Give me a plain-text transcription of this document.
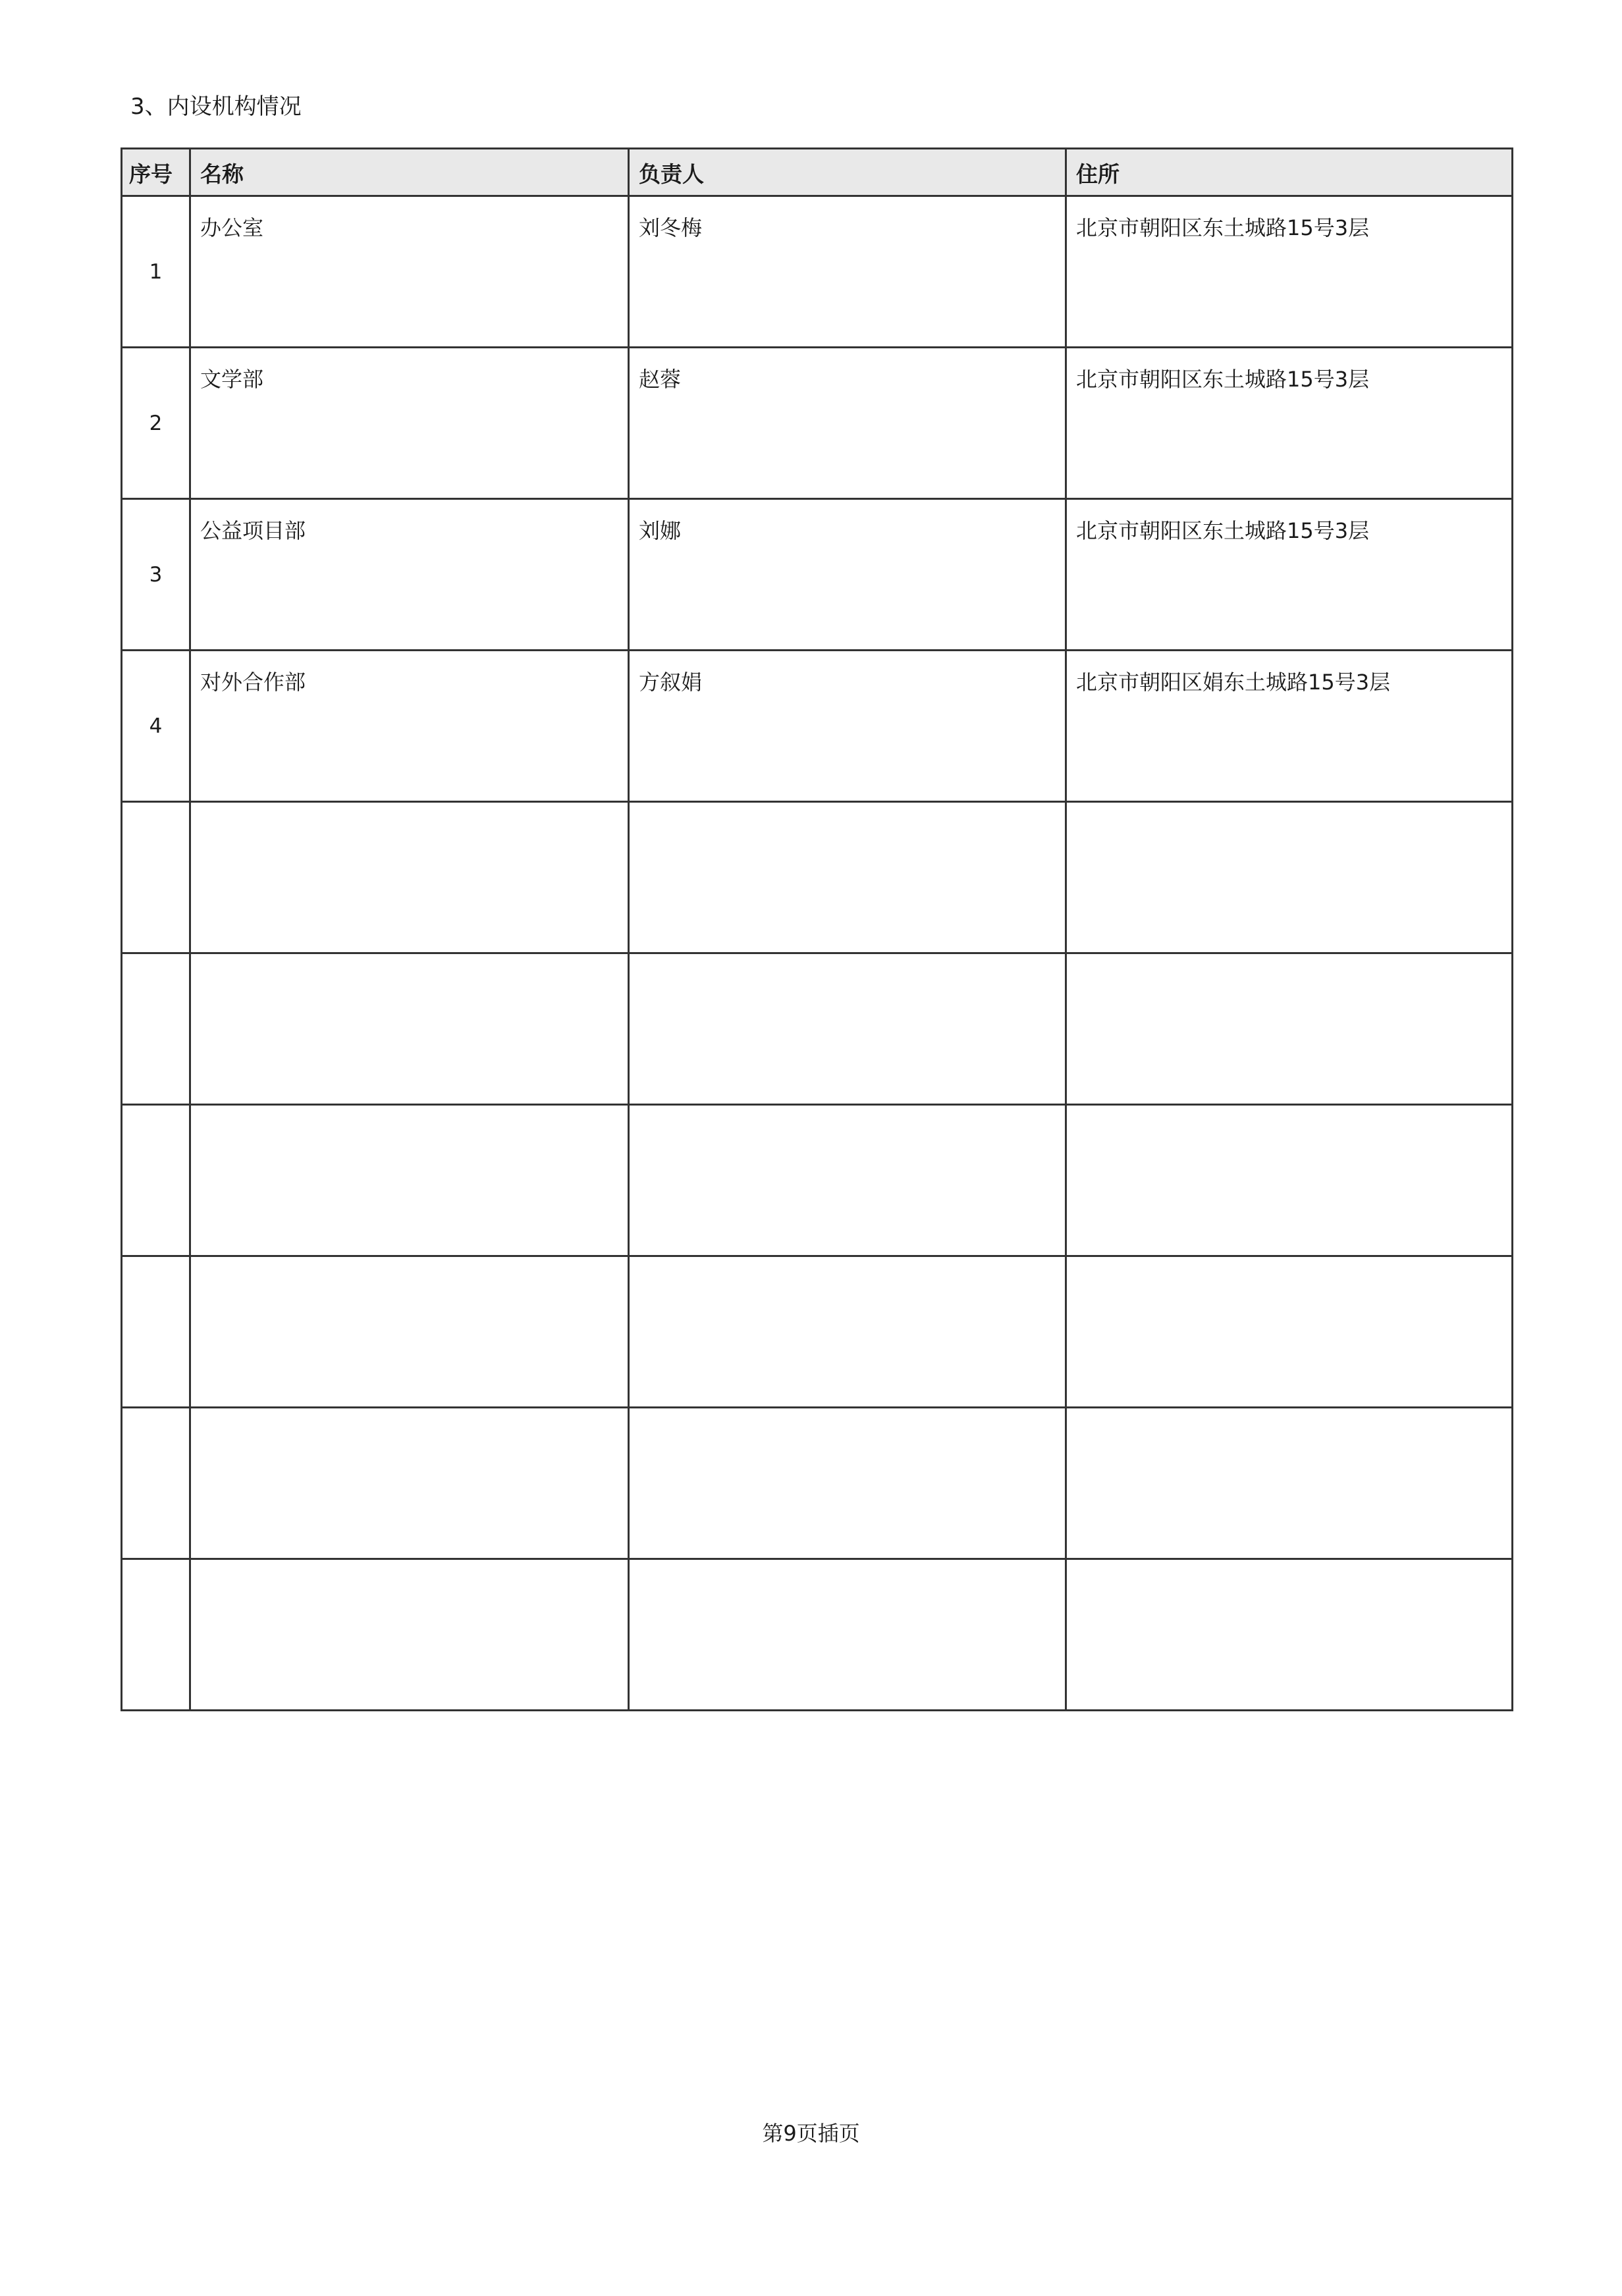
3、内设机构情况
序号	名称	负责人	住所
1	办公室	刘冬梅	北京市朝阳区东土城路15号3层
2	文学部	赵蓉	北京市朝阳区东土城路15号3层
3	公益项目部	刘娜	北京市朝阳区东土城路15号3层
4	对外合作部	方叙娟	北京市朝阳区娟东土城路15号3层

第9页插页
